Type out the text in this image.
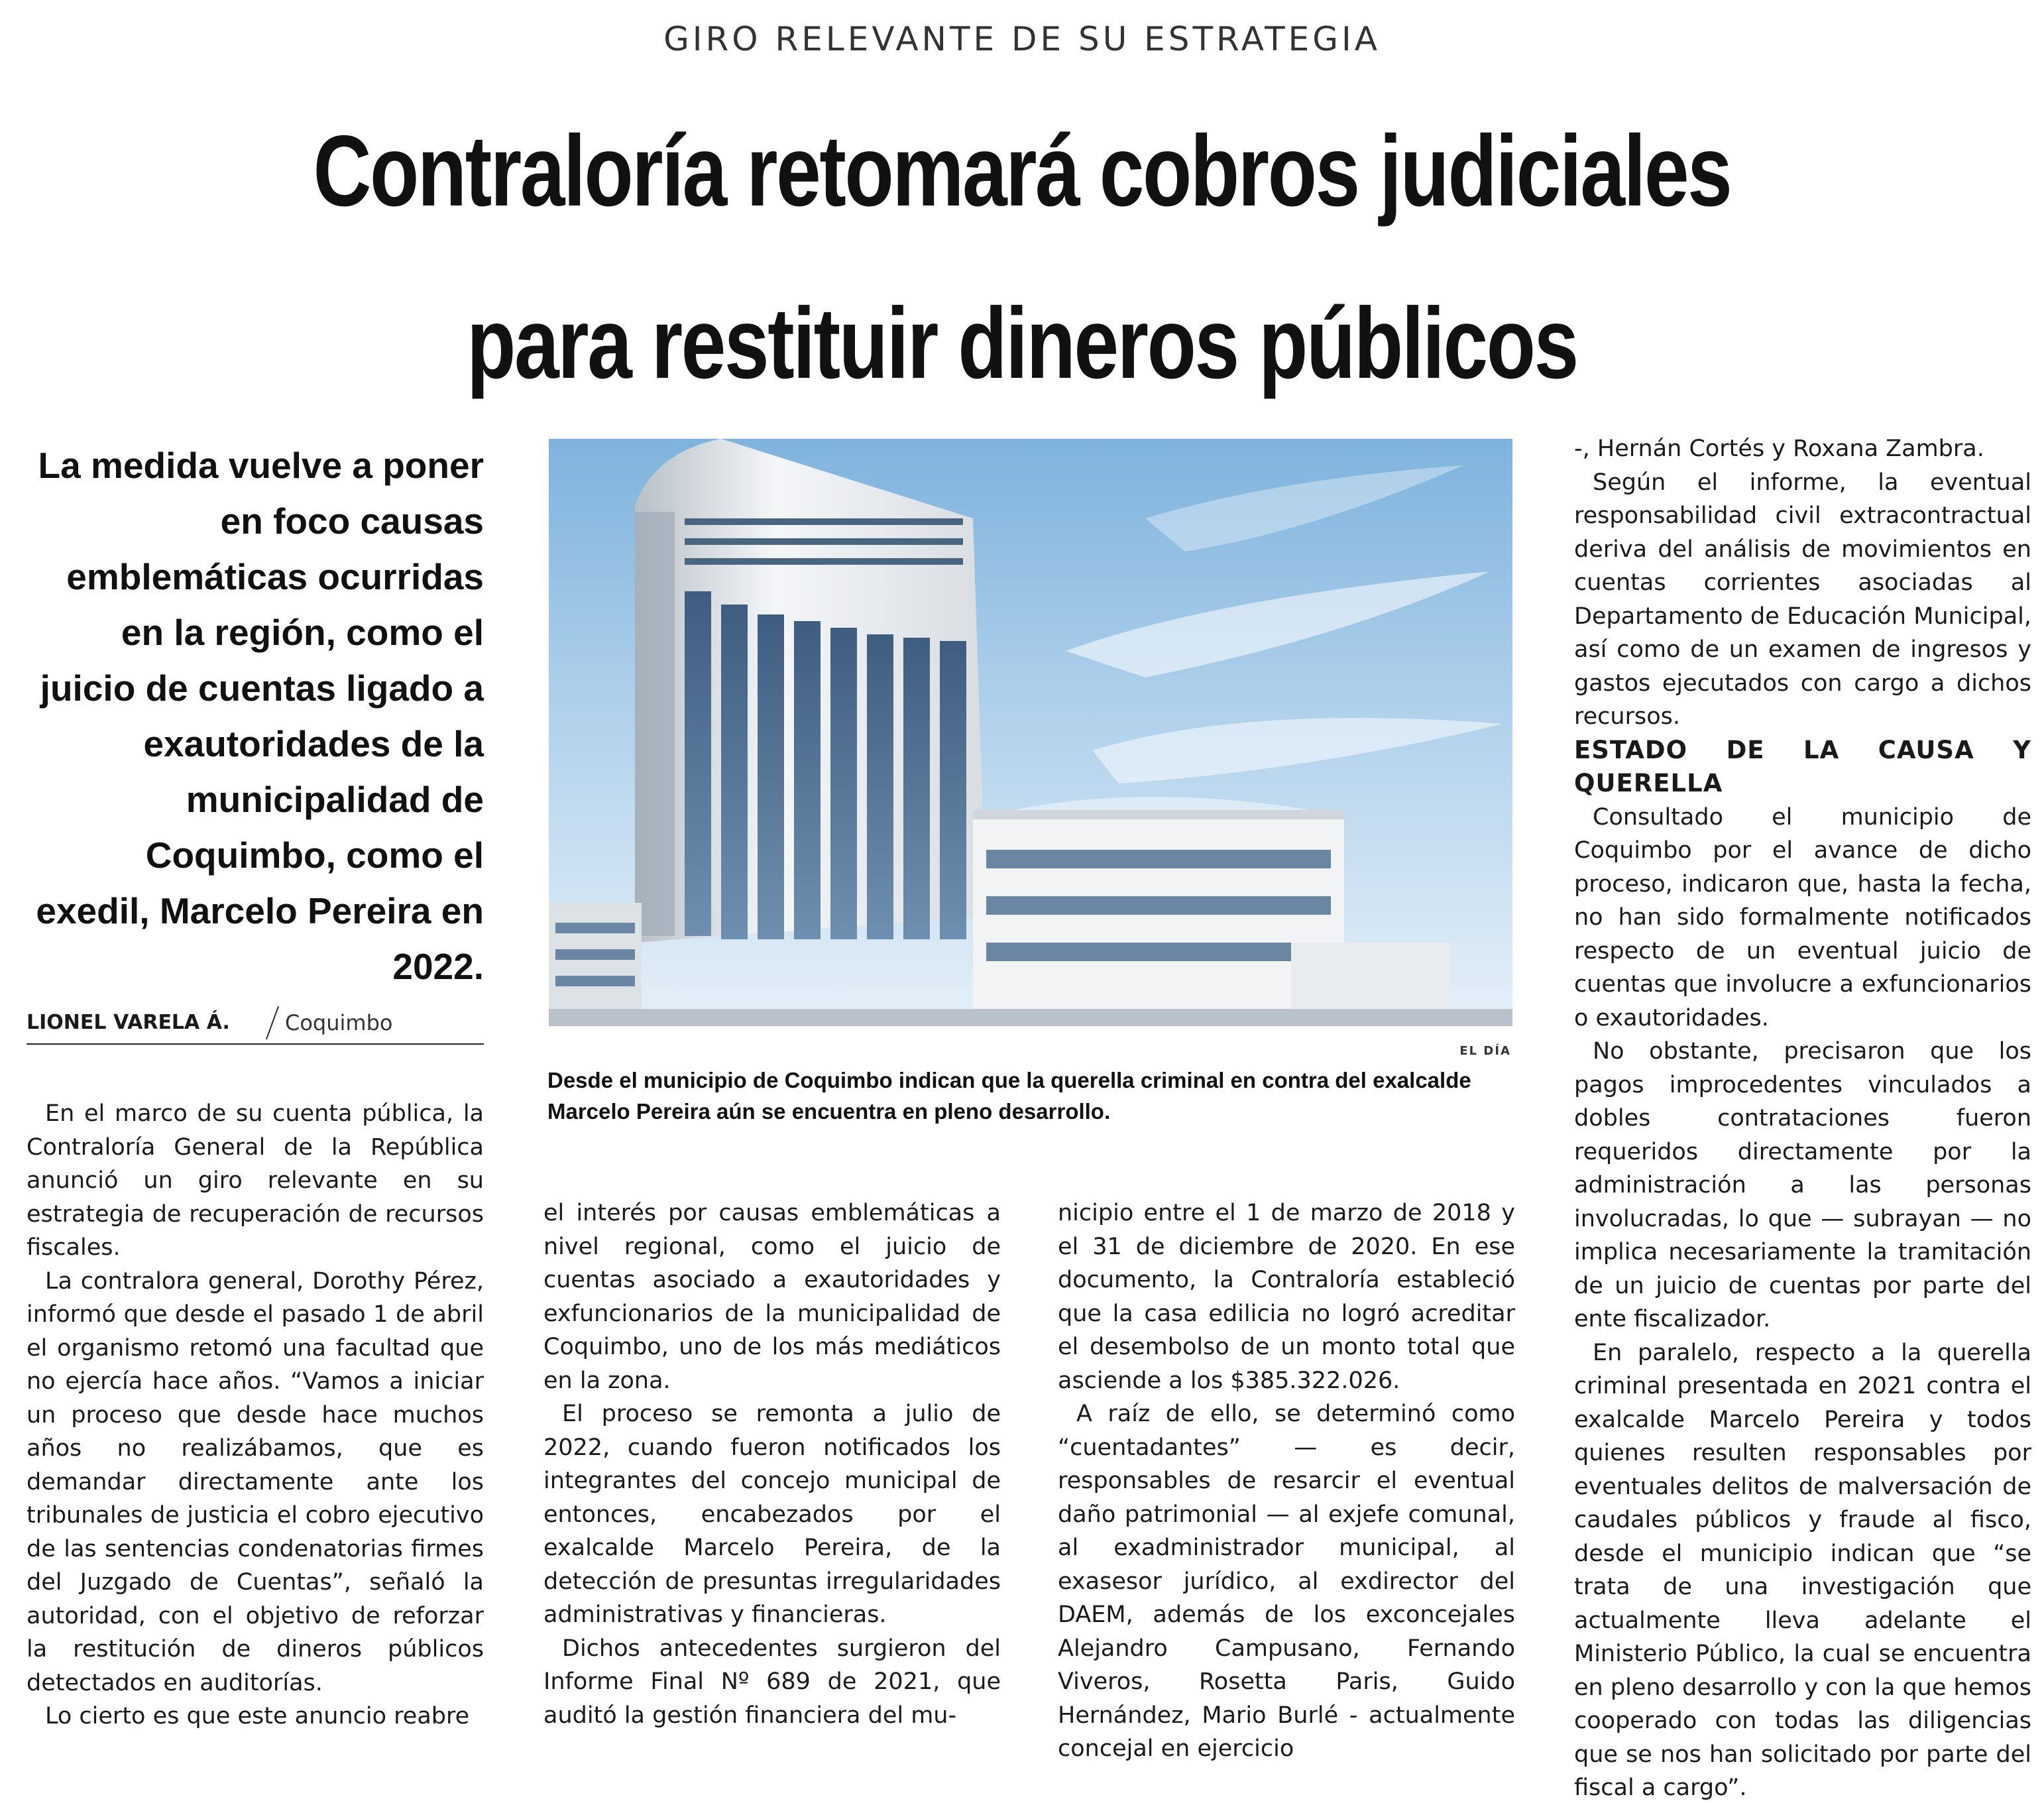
GIRO RELEVANTE DE SU ESTRATEGIA
Contraloría retomará cobros judiciales
para restituir dineros públicos

La medida vuelve a poner en foco causas emblemáticas ocurridas en la región, como el juicio de cuentas ligado a exautoridades de la municipalidad de Coquimbo, como el exedil, Marcelo Pereira en 2022.

LIONEL VARELA Á.	Coquimbo
EL DÍA
Desde el municipio de Coquimbo indican que la querella criminal en contra del exalcalde Marcelo Pereira aún se encuentra en pleno desarrollo.

En el marco de su cuenta pública, la Contraloría General de la República anunció un giro relevante en su estrategia de recuperación de recursos fiscales.

La contralora general, Dorothy Pérez, informó que desde el pasado 1 de abril el organismo retomó una facultad que no ejercía hace años. “Vamos a iniciar un proceso que desde hace muchos años no realizábamos, que es demandar directamente ante los tribunales de justicia el cobro ejecutivo de las sentencias condenatorias firmes del Juzgado de Cuentas”, señaló la autoridad, con el objetivo de reforzar la restitución de dineros públicos detectados en auditorías.

Lo cierto es que este anuncio reabre

el interés por causas emblemáticas a nivel regional, como el juicio de cuentas asociado a exautoridades y exfuncionarios de la municipalidad de Coquimbo, uno de los más mediáticos en la zona.

El proceso se remonta a julio de 2022, cuando fueron notificados los integrantes del concejo municipal de entonces, encabezados por el exalcalde Marcelo Pereira, de la detección de presuntas irregularidades administrativas y financieras.

Dichos antecedentes surgieron del Informe Final Nº 689 de 2021, que auditó la gestión financiera del mu-

nicipio entre el 1 de marzo de 2018 y el 31 de diciembre de 2020. En ese documento, la Contraloría estableció que la casa edilicia no logró acreditar el desembolso de un monto total que asciende a los $385.322.026.

A raíz de ello, se determinó como “cuentadantes” — es decir, responsables de resarcir el eventual daño patrimonial — al exjefe comunal, al exadministrador municipal, al exasesor jurídico, al exdirector del DAEM, además de los exconcejales Alejandro Campusano, Fernando Viveros, Rosetta Paris, Guido Hernández, Mario Burlé - actualmente concejal en ejercicio

-, Hernán Cortés y Roxana Zambra.

Según el informe, la eventual responsabilidad civil extracontractual deriva del análisis de movimientos en cuentas corrientes asociadas al Departamento de Educación Municipal, así como de un examen de ingresos y gastos ejecutados con cargo a dichos recursos.

ESTADO DE LA CAUSA Y QUERELLA

Consultado el municipio de Coquimbo por el avance de dicho proceso, indicaron que, hasta la fecha, no han sido formalmente notificados respecto de un eventual juicio de cuentas que involucre a exfuncionarios o exautoridades.

No obstante, precisaron que los pagos improcedentes vinculados a dobles contrataciones fueron requeridos directamente por la administración a las personas involucradas, lo que — subrayan — no implica necesariamente la tramitación de un juicio de cuentas por parte del ente fiscalizador.

En paralelo, respecto a la querella criminal presentada en 2021 contra el exalcalde Marcelo Pereira y todos quienes resulten responsables por eventuales delitos de malversación de caudales públicos y fraude al fisco, desde el municipio indican que “se trata de una investigación que actualmente lleva adelante el Ministerio Público, la cual se encuentra en pleno desarrollo y con la que hemos cooperado con todas las diligencias que se nos han solicitado por parte del fiscal a cargo”.
